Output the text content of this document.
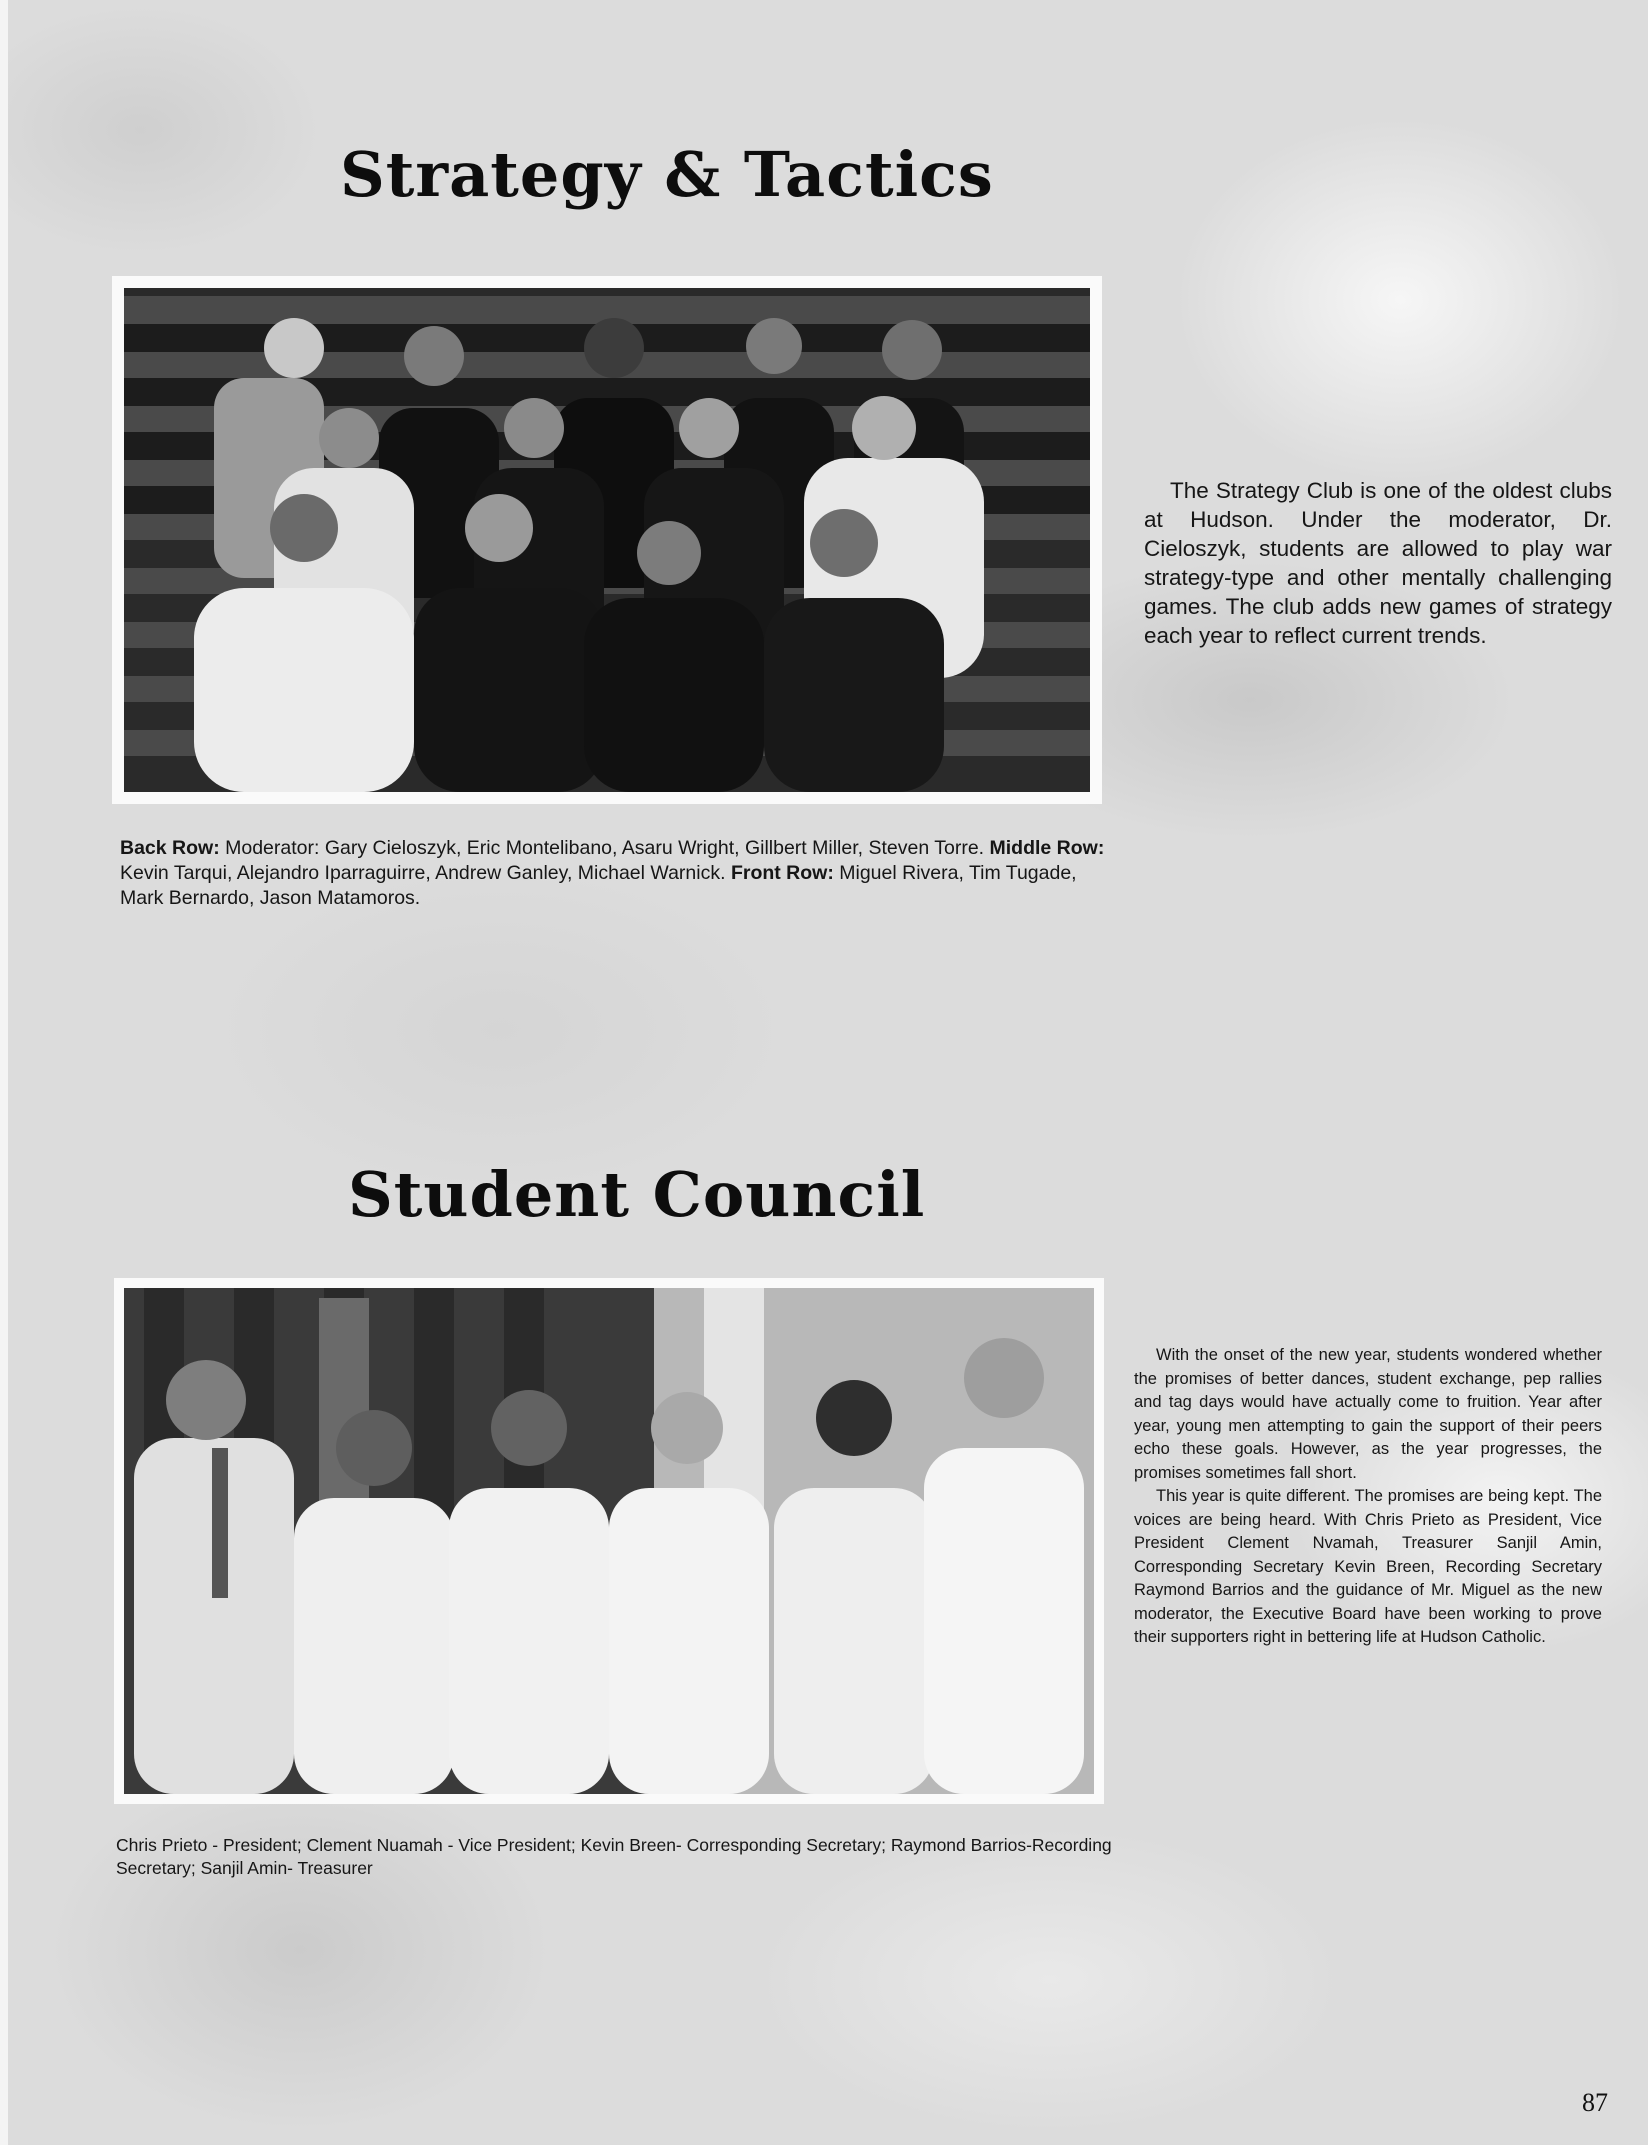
Strategy & Tactics

The Strategy Club is one of the oldest clubs at Hudson. Under the moderator, Dr. Cieloszyk, students are allowed to play war strategy-type and other mentally challenging games. The club adds new games of strategy each year to reflect current trends.

Back Row: Moderator: Gary Cieloszyk, Eric Montelibano, Asaru Wright, Gillbert Miller, Steven Torre. Middle Row: Kevin Tarqui, Alejandro Iparraguirre, Andrew Ganley, Michael Warnick. Front Row: Miguel Rivera, Tim Tugade, Mark Bernardo, Jason Matamoros.

Student Council

With the onset of the new year, students wondered whether the promises of better dances, student exchange, pep rallies and tag days would have actually come to fruition. Year after year, young men attempting to gain the support of their peers echo these goals. However, as the year progresses, the promises sometimes fall short.

This year is quite different. The promises are being kept. The voices are being heard. With Chris Prieto as President, Vice President Clement Nvamah, Treasurer Sanjil Amin, Corresponding Secretary Kevin Breen, Recording Secretary Raymond Barrios and the guidance of Mr. Miguel as the new moderator, the Executive Board have been working to prove their supporters right in bettering life at Hudson Catholic.

Chris Prieto - President; Clement Nuamah - Vice President; Kevin Breen- Corresponding Secretary; Raymond Barrios-Recording Secretary; Sanjil Amin- Treasurer

87
